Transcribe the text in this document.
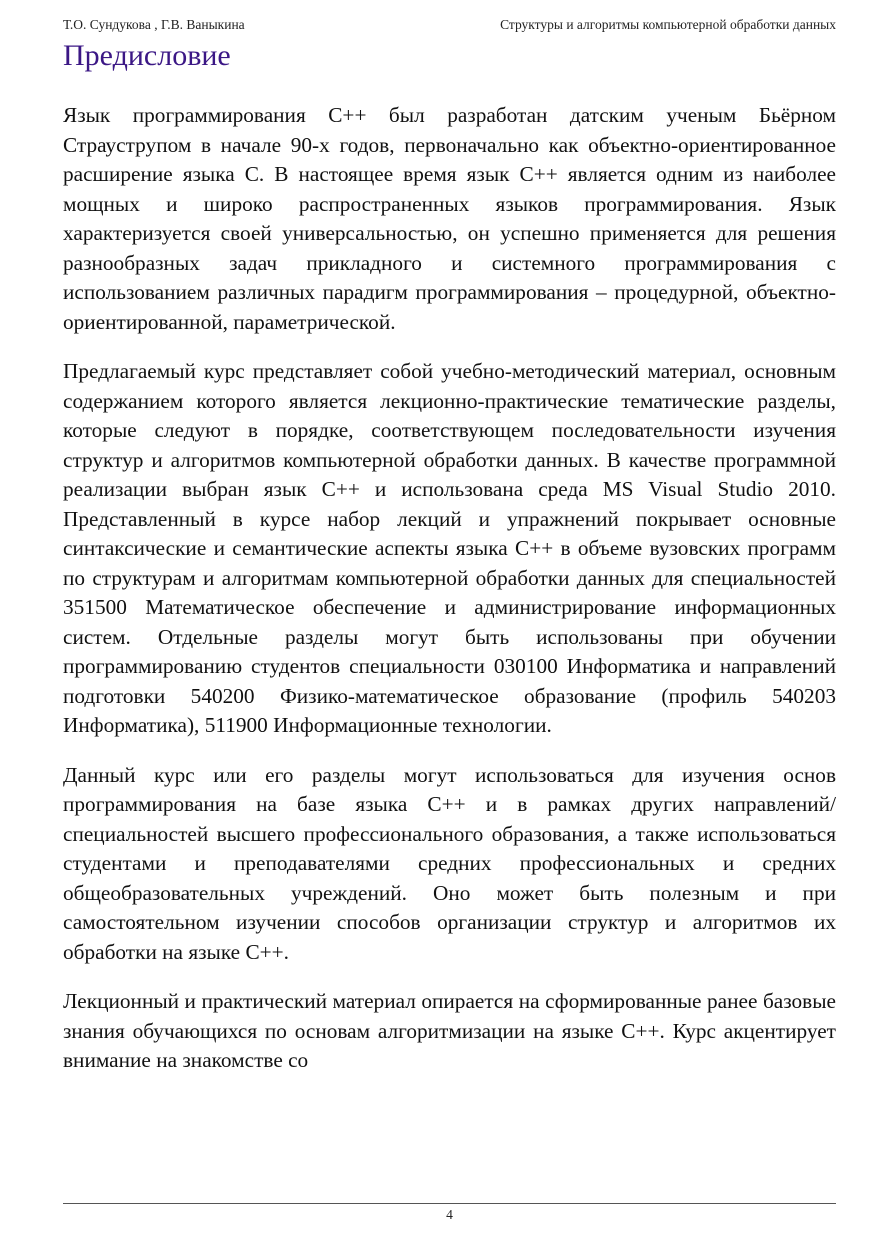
Т.О. Сундукова , Г.В. Ваныкина	Структуры и алгоритмы компьютерной обработки данных
Предисловие

Язык программирования C++ был разработан датским ученым Бьёрном Страуструпом в начале 90-х годов, первоначально как объектно-ориентированное расширение языка С. В настоящее время язык С++ является одним из наиболее мощных и широко распространенных языков программирования. Язык характеризуется своей универсальностью, он успешно применяется для решения разнообразных задач прикладного и системного программирования с использованием различных парадигм программирования – процедурной, объектно-ориентированной, параметрической.

Предлагаемый курс представляет собой учебно-методический материал, основным содержанием которого является лекционно-практические тематические разделы, которые следуют в порядке, соответствующем последовательности изучения структур и алгоритмов компьютерной обработки данных. В качестве программной реализации выбран язык С++ и использована среда MS Visual Studio 2010. Представленный в курсе набор лекций и упражнений покрывает основные синтаксические и семантические аспекты языка С++ в объеме вузовских программ по структурам и алгоритмам компьютерной обработки данных для специальностей 351500 Математическое обеспечение и администрирование информационных систем. Отдельные разделы могут быть использованы при обучении программированию студентов специальности 030100 Информатика и направлений подготовки 540200 Физико-математическое образование (профиль 540203 Информатика), 511900 Информационные технологии.

Данный курс или его разделы могут использоваться для изучения основ программирования на базе языка С++ и в рамках других направлений/специальностей высшего профессионального образования, а также использоваться студентами и преподавателями средних профессиональных и средних общеобразовательных учреждений. Оно может быть полезным и при самостоятельном изучении способов организации структур и алгоритмов их обработки на языке С++.

Лекционный и практический материал опирается на сформированные ранее базовые знания обучающихся по основам алгоритмизации на языке С++. Курс акцентирует внимание на знакомстве со

4
